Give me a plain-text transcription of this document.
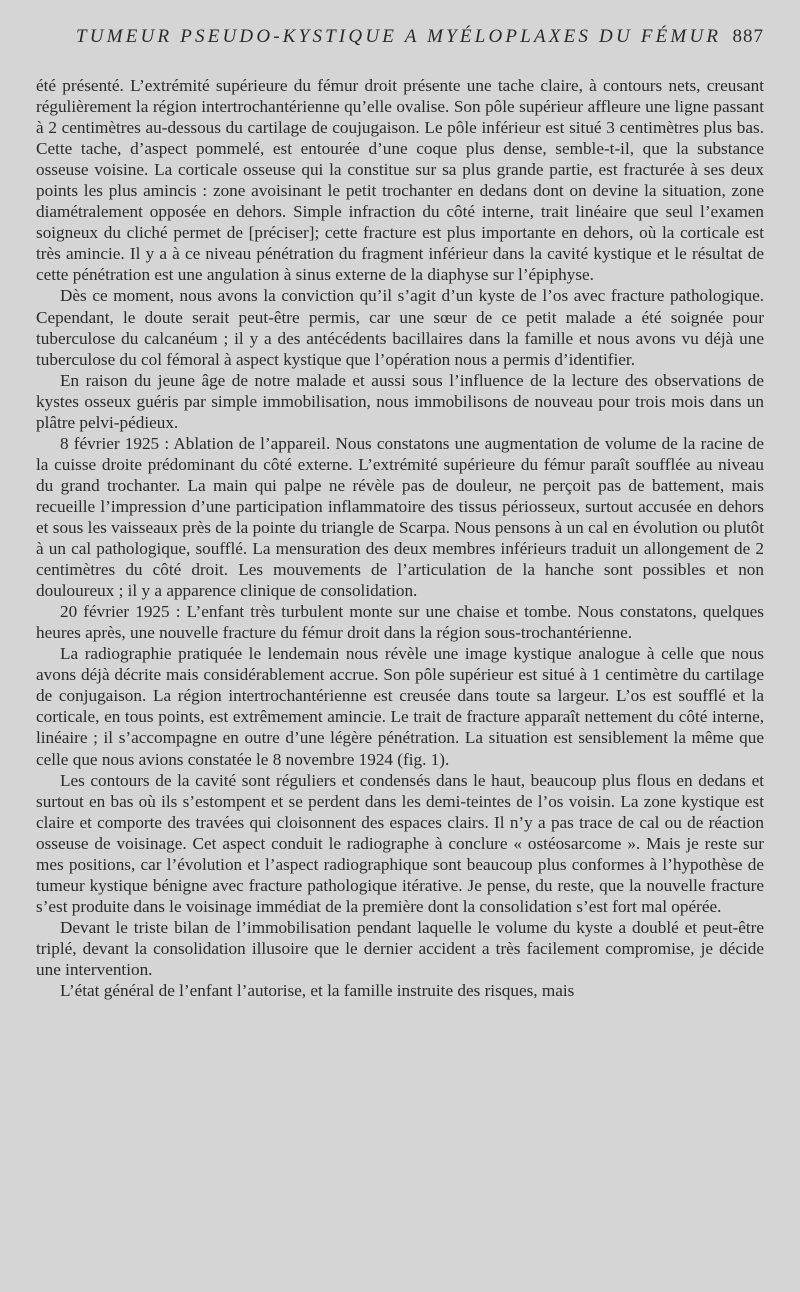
TUMEUR PSEUDO-KYSTIQUE A MYÉLOPLAXES DU FÉMUR 887

été présenté. L’extrémité supérieure du fémur droit présente une tache claire, à contours nets, creusant régulièrement la région intertrochantérienne qu’elle ovalise. Son pôle supérieur affleure une ligne passant à 2 centimètres au-dessous du cartilage de coujugaison. Le pôle inférieur est situé 3 centimètres plus bas. Cette tache, d’aspect pommelé, est entourée d’une coque plus dense, semble-t-il, que la substance osseuse voisine. La corticale osseuse qui la constitue sur sa plus grande partie, est fracturée à ses deux points les plus amincis : zone avoisinant le petit trochanter en dedans dont on devine la situation, zone diamétralement opposée en dehors. Simple infraction du côté interne, trait linéaire que seul l’examen soigneux du cliché permet de [préciser]; cette fracture est plus importante en dehors, où la corticale est très amincie. Il y a à ce niveau pénétration du fragment inférieur dans la cavité kystique et le résultat de cette pénétration est une angulation à sinus externe de la diaphyse sur l’épiphyse.

Dès ce moment, nous avons la conviction qu’il s’agit d’un kyste de l’os avec fracture pathologique. Cependant, le doute serait peut-être permis, car une sœur de ce petit malade a été soignée pour tuberculose du calcanéum ; il y a des antécédents bacillaires dans la famille et nous avons vu déjà une tuberculose du col fémoral à aspect kystique que l’opération nous a permis d’identifier.

En raison du jeune âge de notre malade et aussi sous l’influence de la lecture des observations de kystes osseux guéris par simple immobilisation, nous immobilisons de nouveau pour trois mois dans un plâtre pelvi-pédieux.

8 février 1925 : Ablation de l’appareil. Nous constatons une augmentation de volume de la racine de la cuisse droite prédominant du côté externe. L’extrémité supérieure du fémur paraît soufflée au niveau du grand trochanter. La main qui palpe ne révèle pas de douleur, ne perçoit pas de battement, mais recueille l’impression d’une participation inflammatoire des tissus périosseux, surtout accusée en dehors et sous les vaisseaux près de la pointe du triangle de Scarpa. Nous pensons à un cal en évolution ou plutôt à un cal pathologique, soufflé. La mensuration des deux membres inférieurs traduit un allongement de 2 centimètres du côté droit. Les mouvements de l’articulation de la hanche sont possibles et non douloureux ; il y a apparence clinique de consolidation.

20 février 1925 : L’enfant très turbulent monte sur une chaise et tombe. Nous constatons, quelques heures après, une nouvelle fracture du fémur droit dans la région sous-trochantérienne.

La radiographie pratiquée le lendemain nous révèle une image kystique analogue à celle que nous avons déjà décrite mais considérablement accrue. Son pôle supérieur est situé à 1 centimètre du cartilage de conjugaison. La région intertrochantérienne est creusée dans toute sa largeur. L’os est soufflé et la corticale, en tous points, est extrêmement amincie. Le trait de fracture apparaît nettement du côté interne, linéaire ; il s’accompagne en outre d’une légère pénétration. La situation est sensiblement la même que celle que nous avions constatée le 8 novembre 1924 (fig. 1).

Les contours de la cavité sont réguliers et condensés dans le haut, beaucoup plus flous en dedans et surtout en bas où ils s’estompent et se perdent dans les demi-teintes de l’os voisin. La zone kystique est claire et comporte des travées qui cloisonnent des espaces clairs. Il n’y a pas trace de cal ou de réaction osseuse de voisinage. Cet aspect conduit le radiographe à conclure « ostéosarcome ». Mais je reste sur mes positions, car l’évolution et l’aspect radiographique sont beaucoup plus conformes à l’hypothèse de tumeur kystique bénigne avec fracture pathologique itérative. Je pense, du reste, que la nouvelle fracture s’est produite dans le voisinage immédiat de la première dont la consolidation s’est fort mal opérée.

Devant le triste bilan de l’immobilisation pendant laquelle le volume du kyste a doublé et peut-être triplé, devant la consolidation illusoire que le dernier accident a très facilement compromise, je décide une intervention.

L’état général de l’enfant l’autorise, et la famille instruite des risques, mais
